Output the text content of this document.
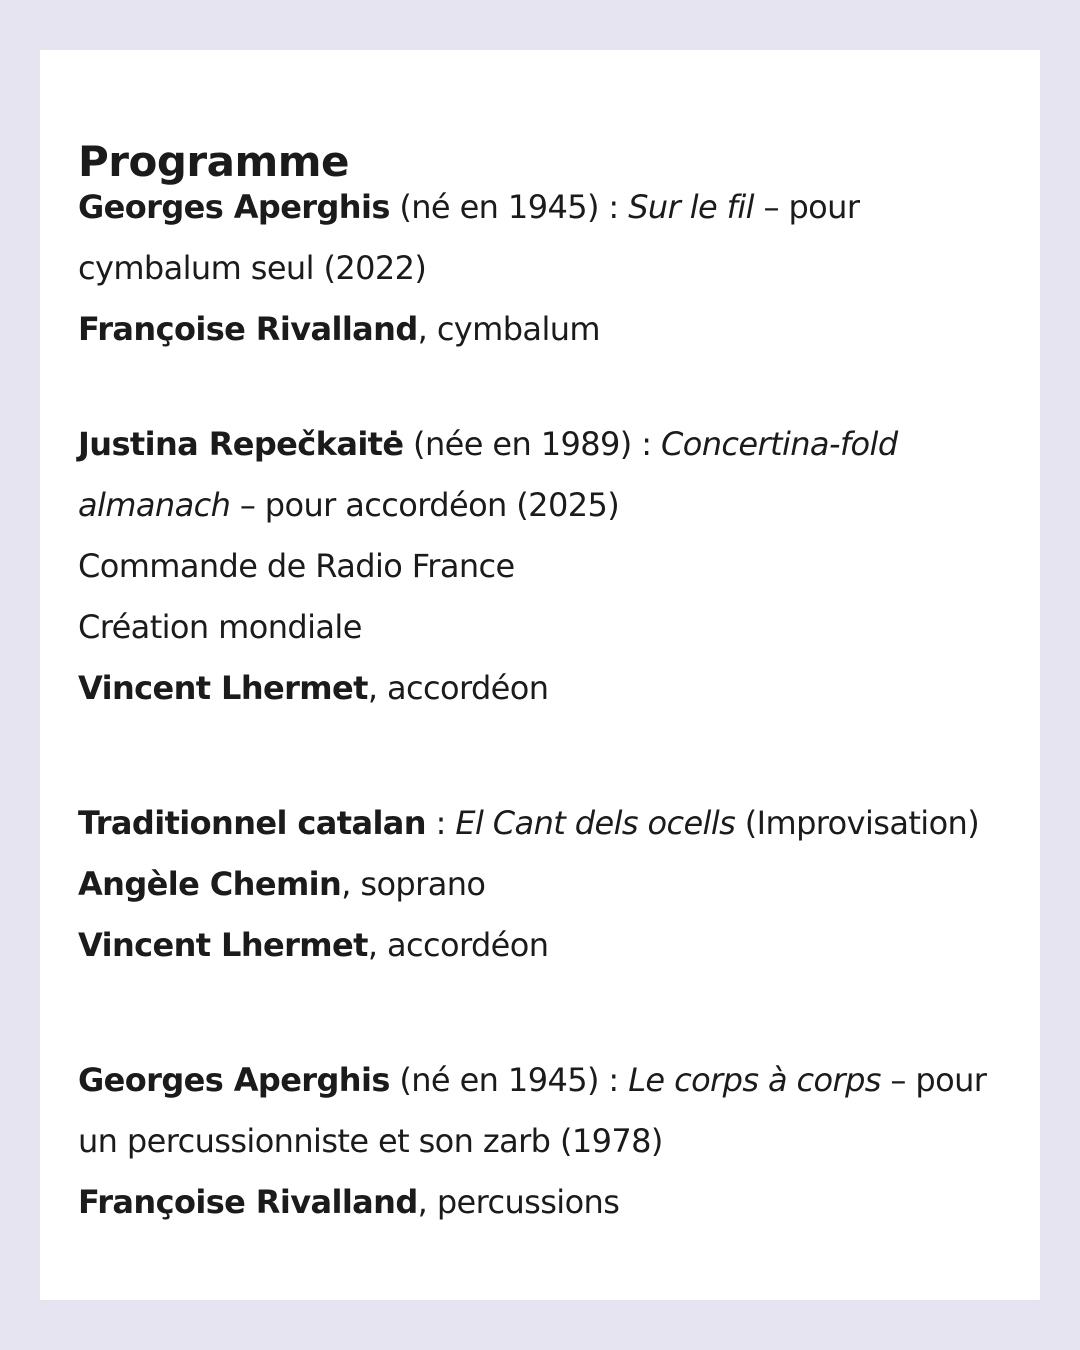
Programme
Georges Aperghis (né en 1945) : Sur le fil – pour
cymbalum seul (2022)
Françoise Rivalland, cymbalum
Justina Repečkaitė (née en 1989) : Concertina-fold
almanach – pour accordéon (2025)
Commande de Radio France
Création mondiale
Vincent Lhermet, accordéon
Traditionnel catalan : El Cant dels ocells (Improvisation)
Angèle Chemin, soprano
Vincent Lhermet, accordéon
Georges Aperghis (né en 1945) : Le corps à corps – pour
un percussionniste et son zarb (1978)
Françoise Rivalland, percussions
